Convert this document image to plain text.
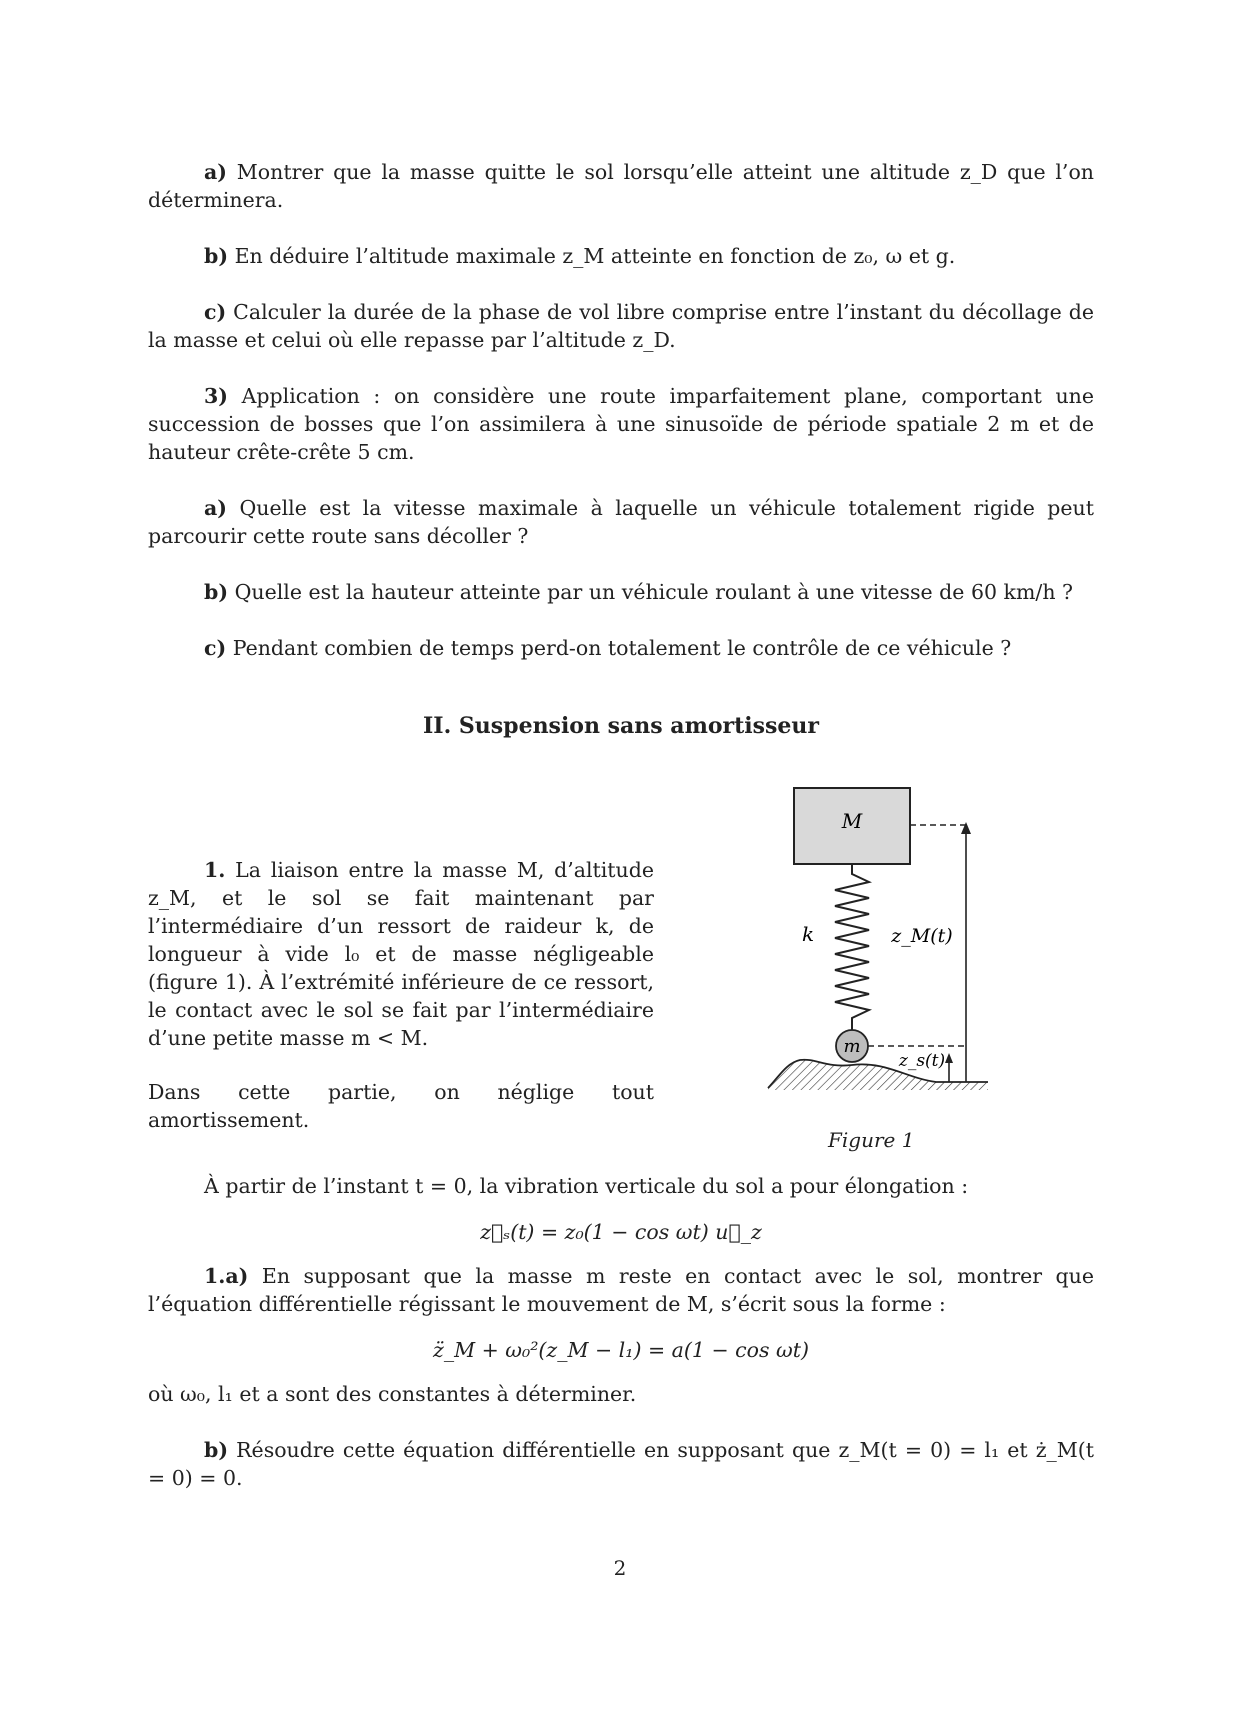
a) Montrer que la masse quitte le sol lorsqu’elle atteint une altitude z_D que l’on déterminera.

b) En déduire l’altitude maximale z_M atteinte en fonction de z₀, ω et g.

c) Calculer la durée de la phase de vol libre comprise entre l’instant du décollage de la masse et celui où elle repasse par l’altitude z_D.

3) Application : on considère une route imparfaitement plane, comportant une succession de bosses que l’on assimilera à une sinusoïde de période spatiale 2 m et de hauteur crête-crête 5 cm.

a) Quelle est la vitesse maximale à laquelle un véhicule totalement rigide peut parcourir cette route sans décoller ?

b) Quelle est la hauteur atteinte par un véhicule roulant à une vitesse de 60 km/h ?

c) Pendant combien de temps perd-on totalement le contrôle de ce véhicule ?

II. Suspension sans amortisseur

1. La liaison entre la masse M, d’altitude z_M, et le sol se fait maintenant par l’intermédiaire d’un ressort de raideur k, de longueur à vide l₀ et de masse négligeable (figure 1). À l’extrémité inférieure de ce ressort, le contact avec le sol se fait par l’intermédiaire d’une petite masse m < M.

Dans cette partie, on néglige tout amortissement.

M
k
m
z_M(t)
z_s(t)
Figure 1

À partir de l’instant t = 0, la vibration verticale du sol a pour élongation :

z⃗ₛ(t) = z₀(1 − cos ωt) u⃗_z

1.a) En supposant que la masse m reste en contact avec le sol, montrer que l’équation différentielle régissant le mouvement de M, s’écrit sous la forme :

z̈_M + ω₀²(z_M − l₁) = a(1 − cos ωt)

où ω₀, l₁ et a sont des constantes à déterminer.

b) Résoudre cette équation différentielle en supposant que z_M(t = 0) = l₁ et ż_M(t = 0) = 0.

2
